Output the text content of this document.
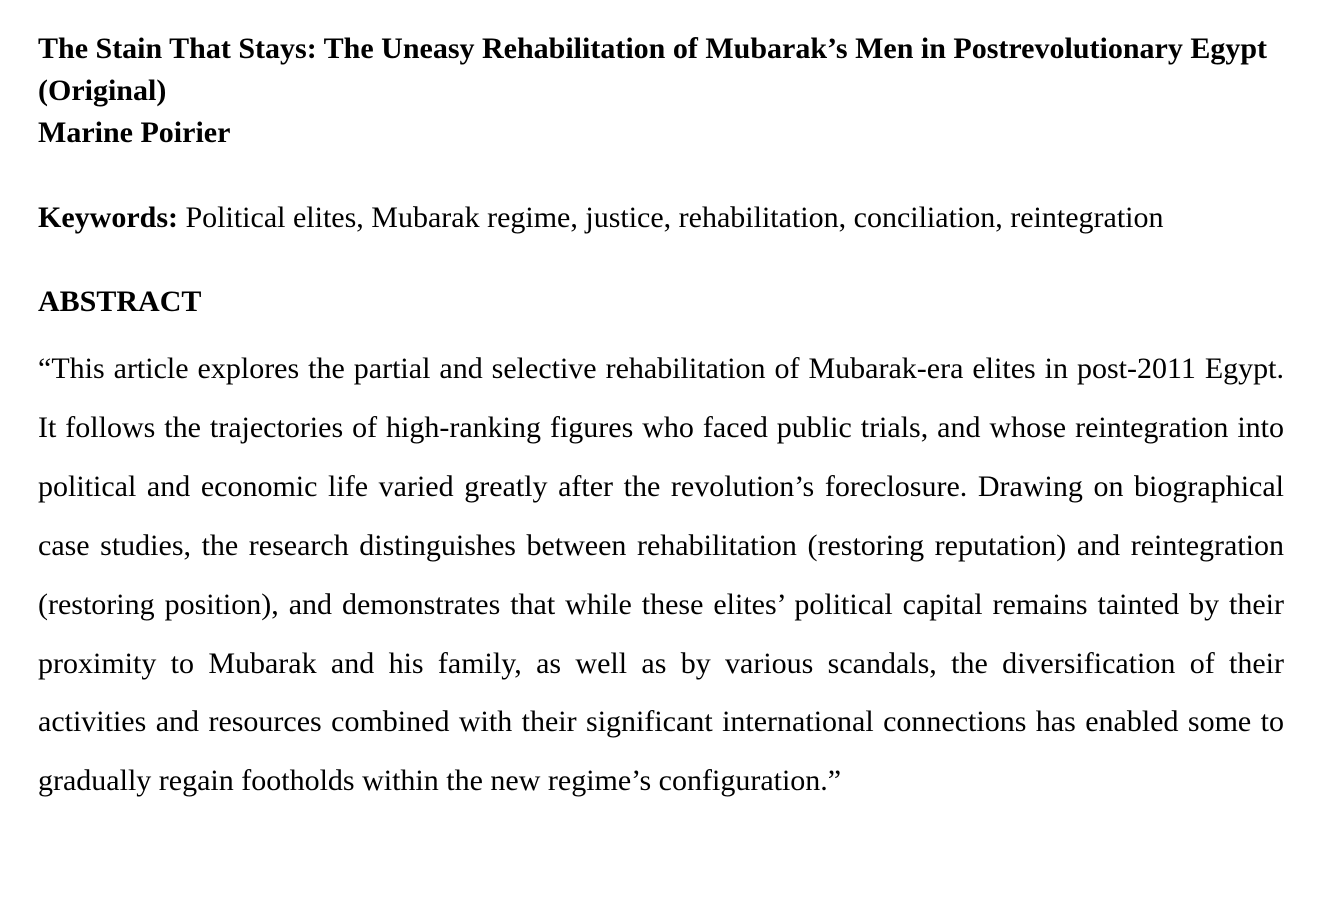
The Stain That Stays: The Uneasy Rehabilitation of Mubarak’s Men in Postrevolutionary Egypt (Original)

Marine Poirier

Keywords: Political elites, Mubarak regime, justice, rehabilitation, conciliation, reintegration

ABSTRACT

“This article explores the partial and selective rehabilitation of Mubarak-era elites in post-2011 Egypt. It follows the trajectories of high-ranking figures who faced public trials, and whose reintegration into political and economic life varied greatly after the revolution’s foreclosure. Drawing on biographical case studies, the research distinguishes between rehabilitation (restoring reputation) and reintegration (restoring position), and demonstrates that while these elites’ political capital remains tainted by their proximity to Mubarak and his family, as well as by various scandals, the diversification of their activities and resources combined with their significant international connections has enabled some to gradually regain footholds within the new regime’s configuration.”
